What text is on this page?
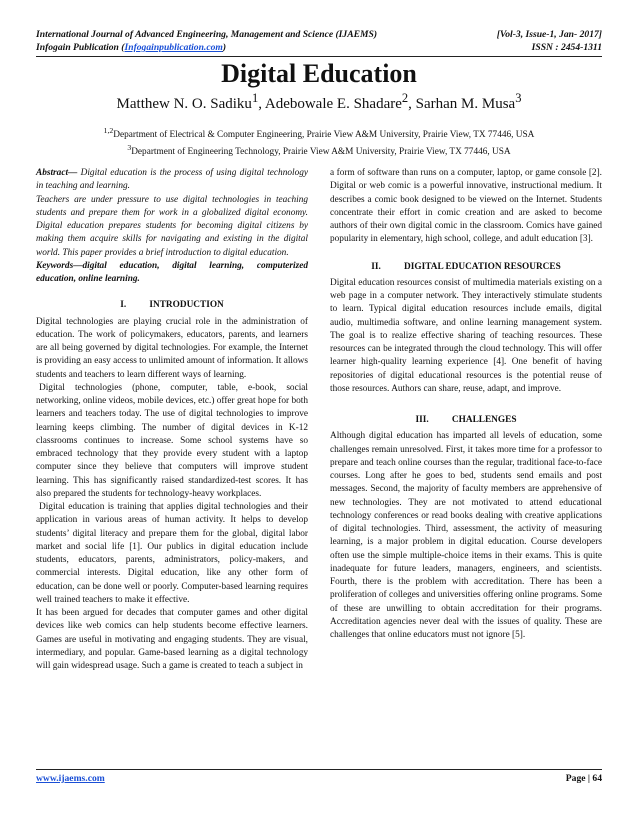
International Journal of Advanced Engineering, Management and Science (IJAEMS)	[Vol-3, Issue-1, Jan- 2017]
Infogain Publication (Infogainpublication.com)	ISSN : 2454-1311
Digital Education
Matthew N. O. Sadiku$^1$, Adebowale E. Shadare$^2$, Sarhan M. Musa$^3$
$^{1,2}$Department of Electrical & Computer Engineering, Prairie View A&M University, Prairie View, TX 77446, USA
$^3$Department of Engineering Technology, Prairie View A&M University, Prairie View, TX 77446, USA

Abstract— Digital education is the process of using digital technology in teaching and learning.

Teachers are under pressure to use digital technologies in teaching students and prepare them for work in a globalized digital economy. Digital education prepares students for becoming digital citizens by making them acquire skills for navigating and existing in the digital world. This paper provides a brief introduction to digital education.

Keywords—digital education, digital learning, computerized education, online learning.

I.          INTRODUCTION

Digital technologies are playing crucial role in the administration of education. The work of policymakers, educators, parents, and learners are all being governed by digital technologies. For example, the Internet is providing an easy access to unlimited amount of information. It allows students and teachers to learn different ways of learning.

Digital technologies (phone, computer, table, e-book, social networking, online videos, mobile devices, etc.) offer great hope for both learners and teachers today. The use of digital technologies to improve learning keeps climbing. The number of digital devices in K-12 classrooms continues to increase. Some school systems have so embraced technology that they provide every student with a laptop computer since they believe that computers will improve student learning. This has significantly raised standardized-test scores. It has also prepared the students for technology-heavy workplaces.

Digital education is training that applies digital technologies and their application in various areas of human activity. It helps to develop students’ digital literacy and prepare them for the global, digital labor market and social life [1]. Our publics in digital education include students, educators, parents, administrators, policy-makers, and commercial interests. Digital education, like any other form of education, can be done well or poorly. Computer-based learning requires well trained teachers to make it effective.

It has been argued for decades that computer games and other digital devices like web comics can help students become effective learners. Games are useful in motivating and engaging students. They are visual, intermediary, and popular. Game-based learning as a digital technology will gain widespread usage. Such a game is created to teach a subject in

a form of software than runs on a computer, laptop, or game console [2]. Digital or web comic is a powerful innovative, instructional medium. It describes a comic book designed to be viewed on the Internet. Students concentrate their effort in comic creation and are asked to become authors of their own digital comic in the classroom. Comics have gained popularity in elementary, high school, college, and adult education [3].

II.          DIGITAL EDUCATION RESOURCES

Digital education resources consist of multimedia materials existing on a web page in a computer network. They interactively stimulate students to learn. Typical digital education resources include emails, digital audio, multimedia software, and online learning management system. The goal is to realize effective sharing of teaching resources. These resources can be integrated through the cloud technology. This will offer learner high-quality learning experience [4]. One benefit of having repositories of digital educational resources is the potential reuse of those resources. Authors can share, reuse, adapt, and improve.

III.          CHALLENGES

Although digital education has imparted all levels of education, some challenges remain unresolved. First, it takes more time for a professor to prepare and teach online courses than the regular, traditional face-to-face courses. Long after he goes to bed, students send emails and post messages. Second, the majority of faculty members are apprehensive of new technologies. They are not motivated to attend educational technology conferences or read books dealing with creative applications of digital technologies. Third, assessment, the activity of measuring learning, is a major problem in digital education. Course developers often use the simple multiple-choice items in their exams. This is quite inadequate for future leaders, managers, engineers, and scientists. Fourth, there is the problem with accreditation. There has been a proliferation of colleges and universities offering online programs. Some of these are unwilling to obtain accreditation for their programs. Accreditation agencies never deal with the issues of quality. These are challenges that online educators must not ignore [5].

www.ijaems.com	Page | 64
